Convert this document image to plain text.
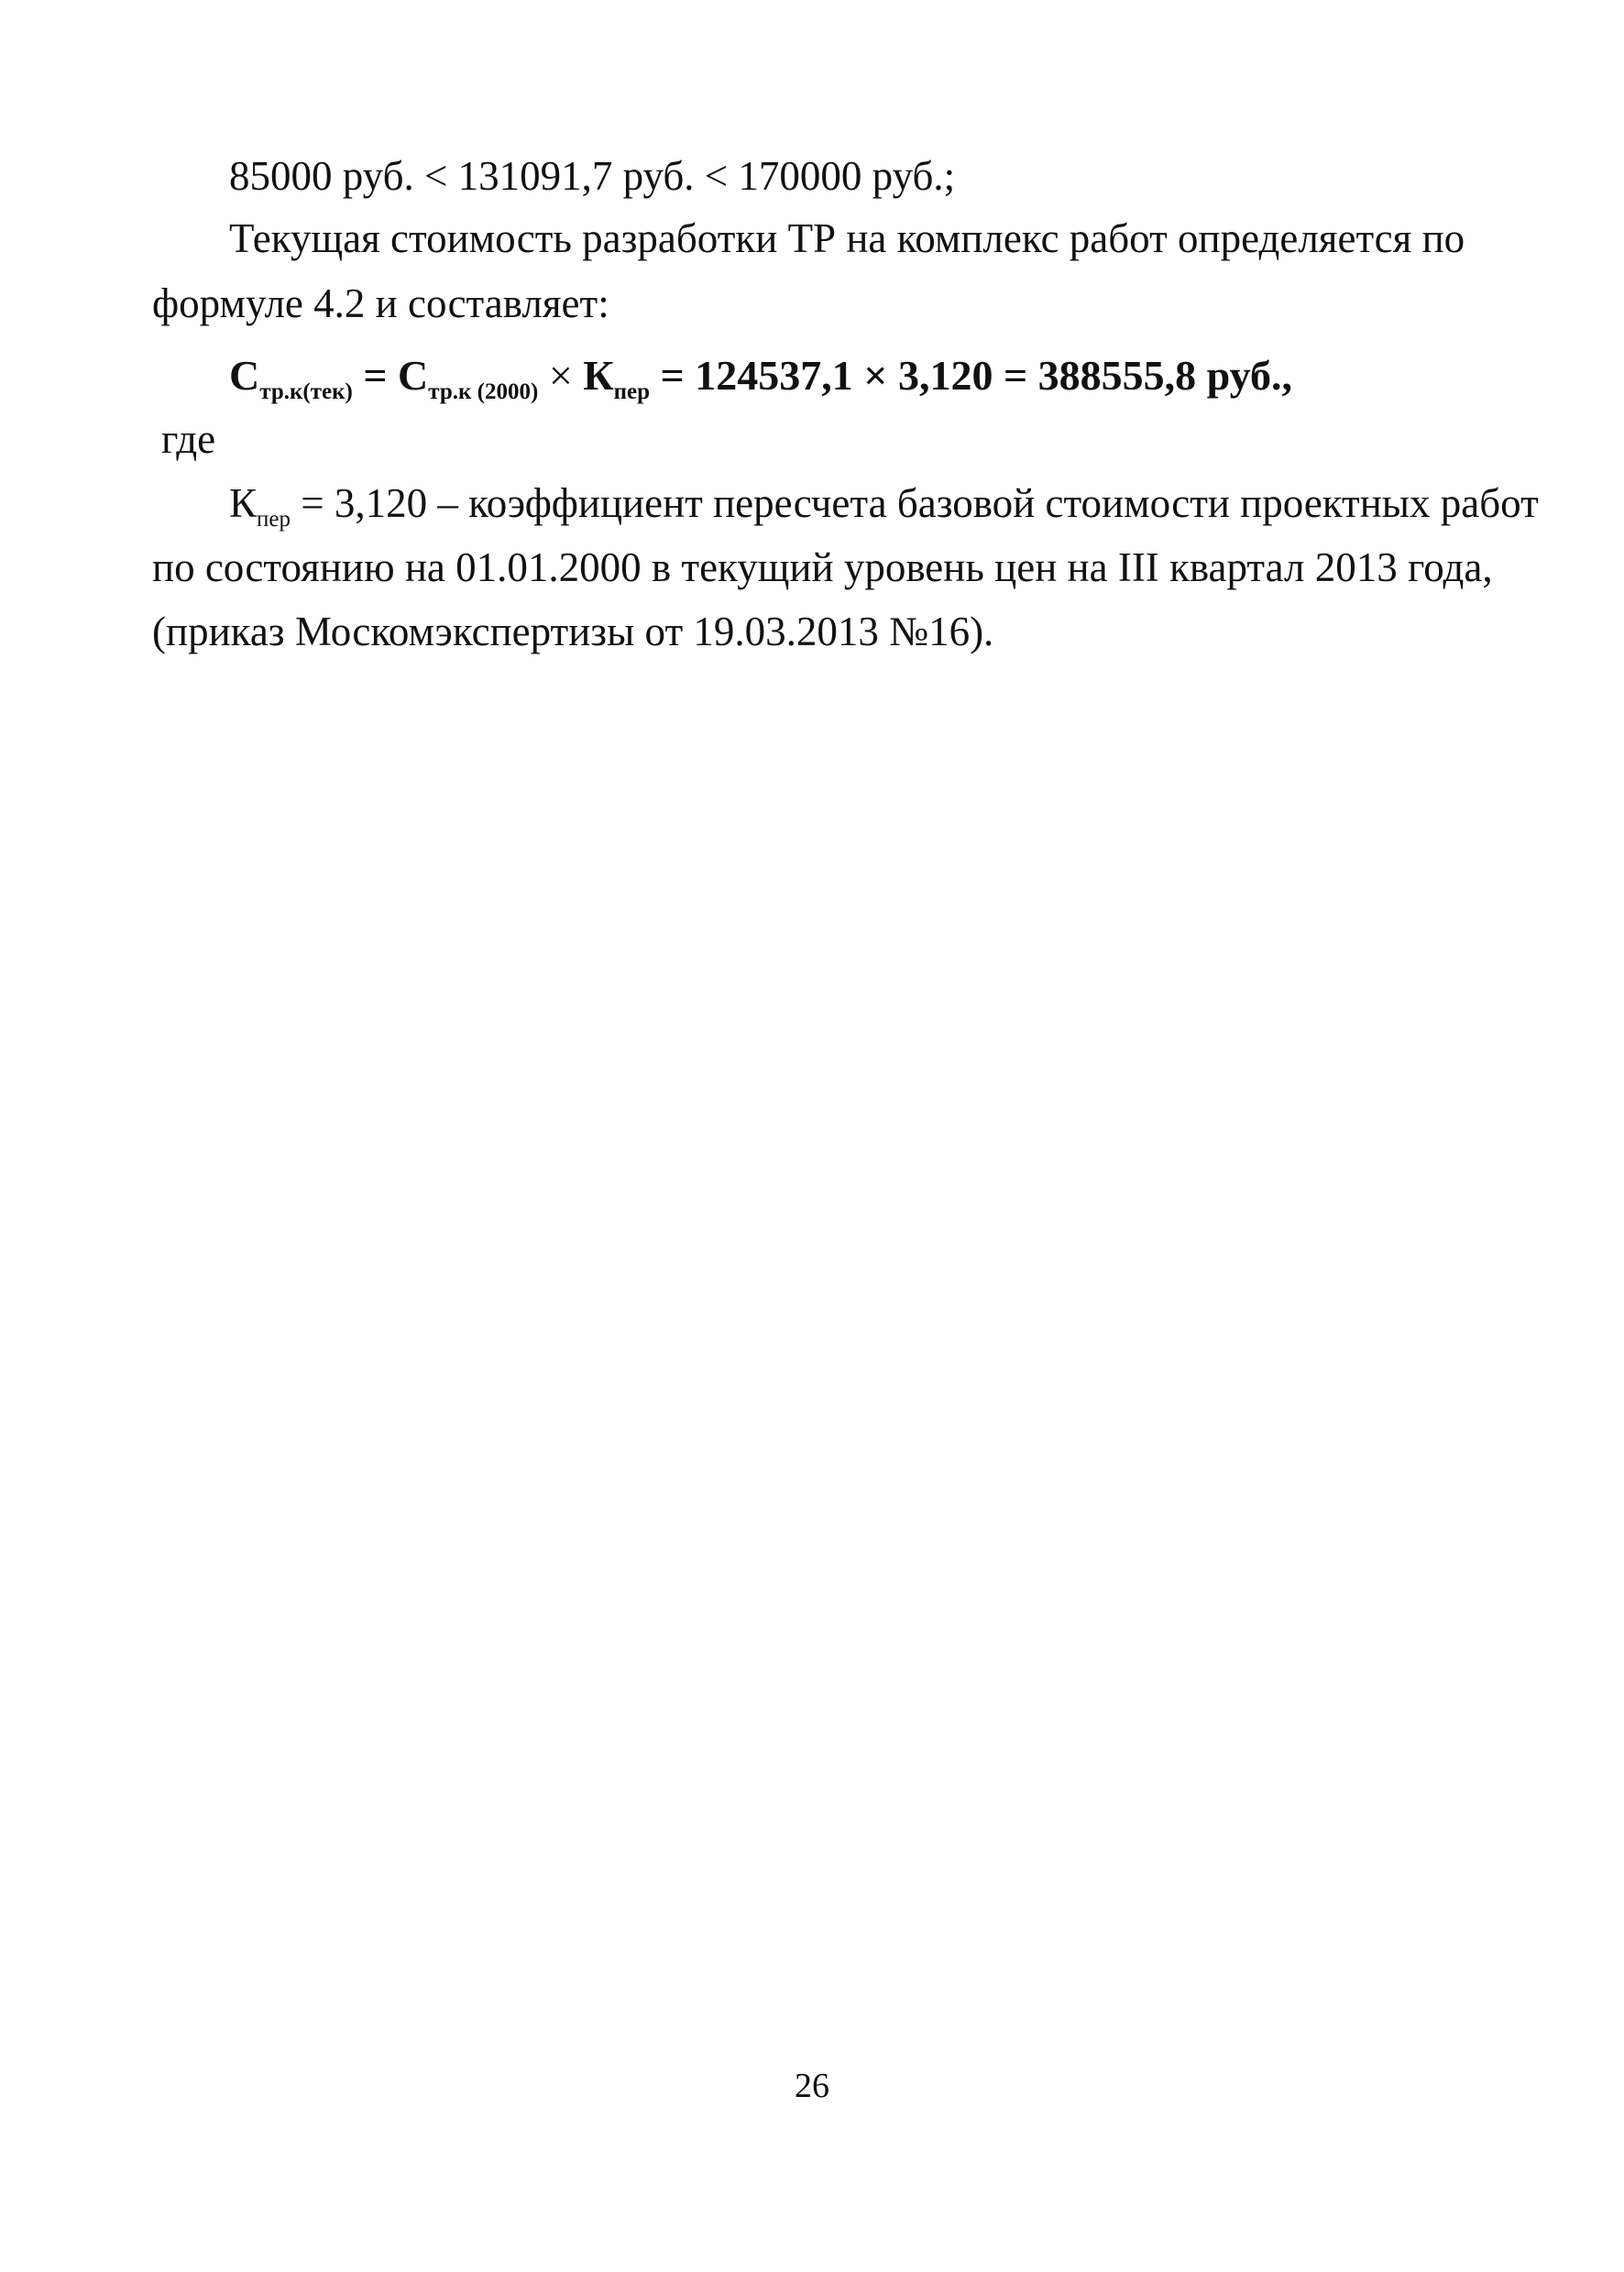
85000 руб. < 131091,7 руб. < 170000 руб.;
Текущая стоимость разработки ТР на комплекс работ определяется по
формуле 4.2 и составляет:
$С_{тр.к(тек)} = С_{тр.к (2000)} \times К_{пер} = 124537,1 \times 3,120 = 388555,8$ руб.,
где
$К_{пер} = 3,120$ – коэффициент пересчета базовой стоимости проектных работ
по состоянию на 01.01.2000 в текущий уровень цен на III квартал 2013 года,
(приказ Москомэкспертизы от 19.03.2013 №16).
26
